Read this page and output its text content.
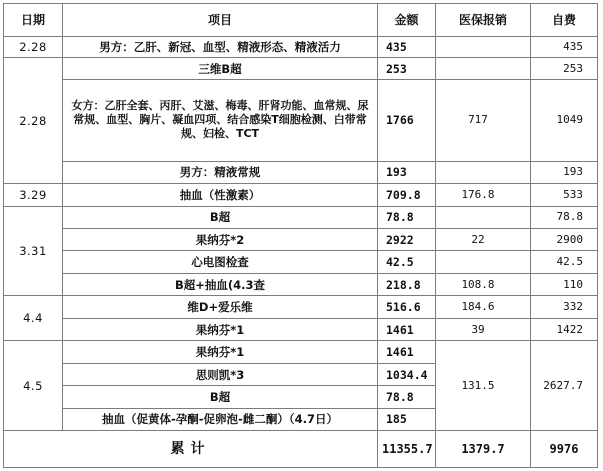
日期	项目	金额	医保报销	自费
2.28	男方：乙肝、新冠、血型、精液形态、精液活力	435		435
2.28	三维B超	253		253
	女方：乙肝全套、丙肝、艾滋、梅毒、肝肾功能、血常规、尿常规、血型、胸片、凝血四项、结合感染T细胞检测、白带常规、妇检、TCT	1766	717	1049
	男方：精液常规	193		193
3.29	抽血（性激素）	709.8	176.8	533
3.31	B超	78.8		78.8
	果纳芬*2	2922	22	2900
	心电图检查	42.5		42.5
	B超+抽血(4.3查	218.8	108.8	110
4.4	维D+爱乐维	516.6	184.6	332
	果纳芬*1	1461	39	1422
4.5	果纳芬*1	1461	131.5	2627.7
	思则凯*3	1034.4		
	B超	78.8		
	抽血（促黄体-孕酮-促卵泡-雌二酮）（4.7日）	185		
累计		11355.7	1379.7	9976
